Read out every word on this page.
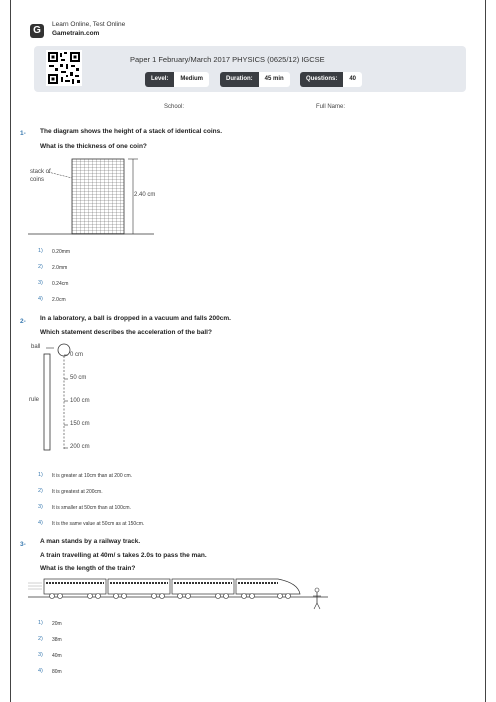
G
Learn Online, Test Online
Gametrain.com
Paper 1 February/March 2017 PHYSICS (0625/12) IGCSE
Level:	Medium	Duration:	45 min	Questions:	40
School:	Full Name:
1- The diagram shows the height of a stack of identical coins.
What is the thickness of one coin?
stack of
coins
2.40 cm
1) 0.20mm
2) 2.0mm
3) 0.24cm
4) 2.0cm
2- In a laboratory, a ball is dropped in a vacuum and falls 200cm.
Which statement describes the acceleration of the ball?
ball
rule
0 cm
50 cm
100 cm
150 cm
200 cm
1) It is greater at 10cm than at 200 cm.
2) It is greatest at 200cm.
3) It is smaller at 50cm than at 100cm.
4) It is the same value at 50cm as at 150cm.
3- A man stands by a railway track.
A train travelling at 40m/ s takes 2.0s to pass the man.
What is the length of the train?
1) 20m
2) 38m
3) 40m
4) 80m
